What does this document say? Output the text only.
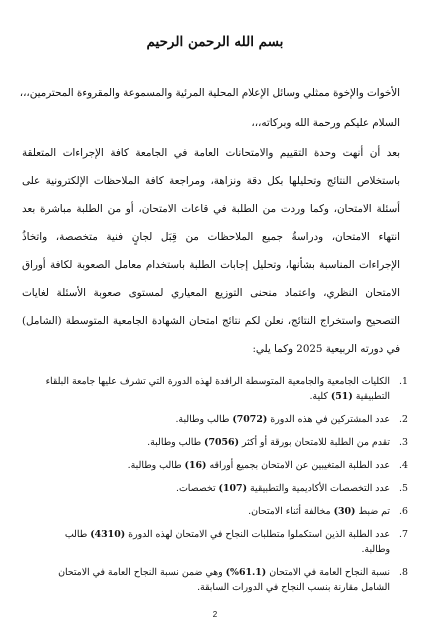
بسم الله الرحمن الرحيم
الأخوات والإخوة ممثلي وسائل الإعلام المحلية المرئية والمسموعة والمقروءة المحترمين،،،
السلام عليكم ورحمة الله وبركاته،،،
بعد أن أنهت وحدة التقييم والامتحانات العامة في الجامعة كافة الإجراءات المتعلقة
باستخلاص النتائج وتحليلها بكل دقة ونزاهة، ومراجعة كافة الملاحظات الإلكترونية على
أسئلة الامتحان، وكما وردت من الطلبة في قاعات الامتحان، أو من الطلبة مباشرة بعد
انتهاء الامتحان، ودراسةُ جميع الملاحظات من قِبَل لجانٍ فنية متخصصة، واتخاذُ
الإجراءات المناسبة بشأنها، وتحليل إجابات الطلبة باستخدام معامل الصعوبة لكافة أوراق
الامتحان النظري، واعتماد منحنى التوزيع المعياري لمستوى صعوبة الأسئلة لغايات
التصحيح واستخراج النتائج، نعلن لكم نتائج امتحان الشهادة الجامعية المتوسطة (الشامل)
في دورته الربيعية 2025 وكما يلي:
1.
الكليات الجامعية والجامعية المتوسطة الرافدة لهذه الدورة التي تشرف عليها جامعة البلقاء
التطبيقية (51) كلية.
2.
عدد المشتركين في هذه الدورة (7072) طالب وطالبة.
3.
تقدم من الطلبة للامتحان بورقة أو أكثر (7056) طالب وطالبة.
4.
عدد الطلبة المتغيبين عن الامتحان بجميع أوراقه (16) طالب وطالبة.
5.
عدد التخصصات الأكاديمية والتطبيقية (107) تخصصات.
6.
تم ضبط (30) مخالفة أثناء الامتحان.
7.
عدد الطلبة الذين استكملوا متطلبات النجاح في الامتحان لهذه الدورة (4310) طالب وطالبة.
8.
نسبة النجاح العامة في الامتحان (61.1%) وهي ضمن نسبة النجاح العامة في الامتحان
الشامل مقارنة بنسب النجاح في الدورات السابقة.
2
